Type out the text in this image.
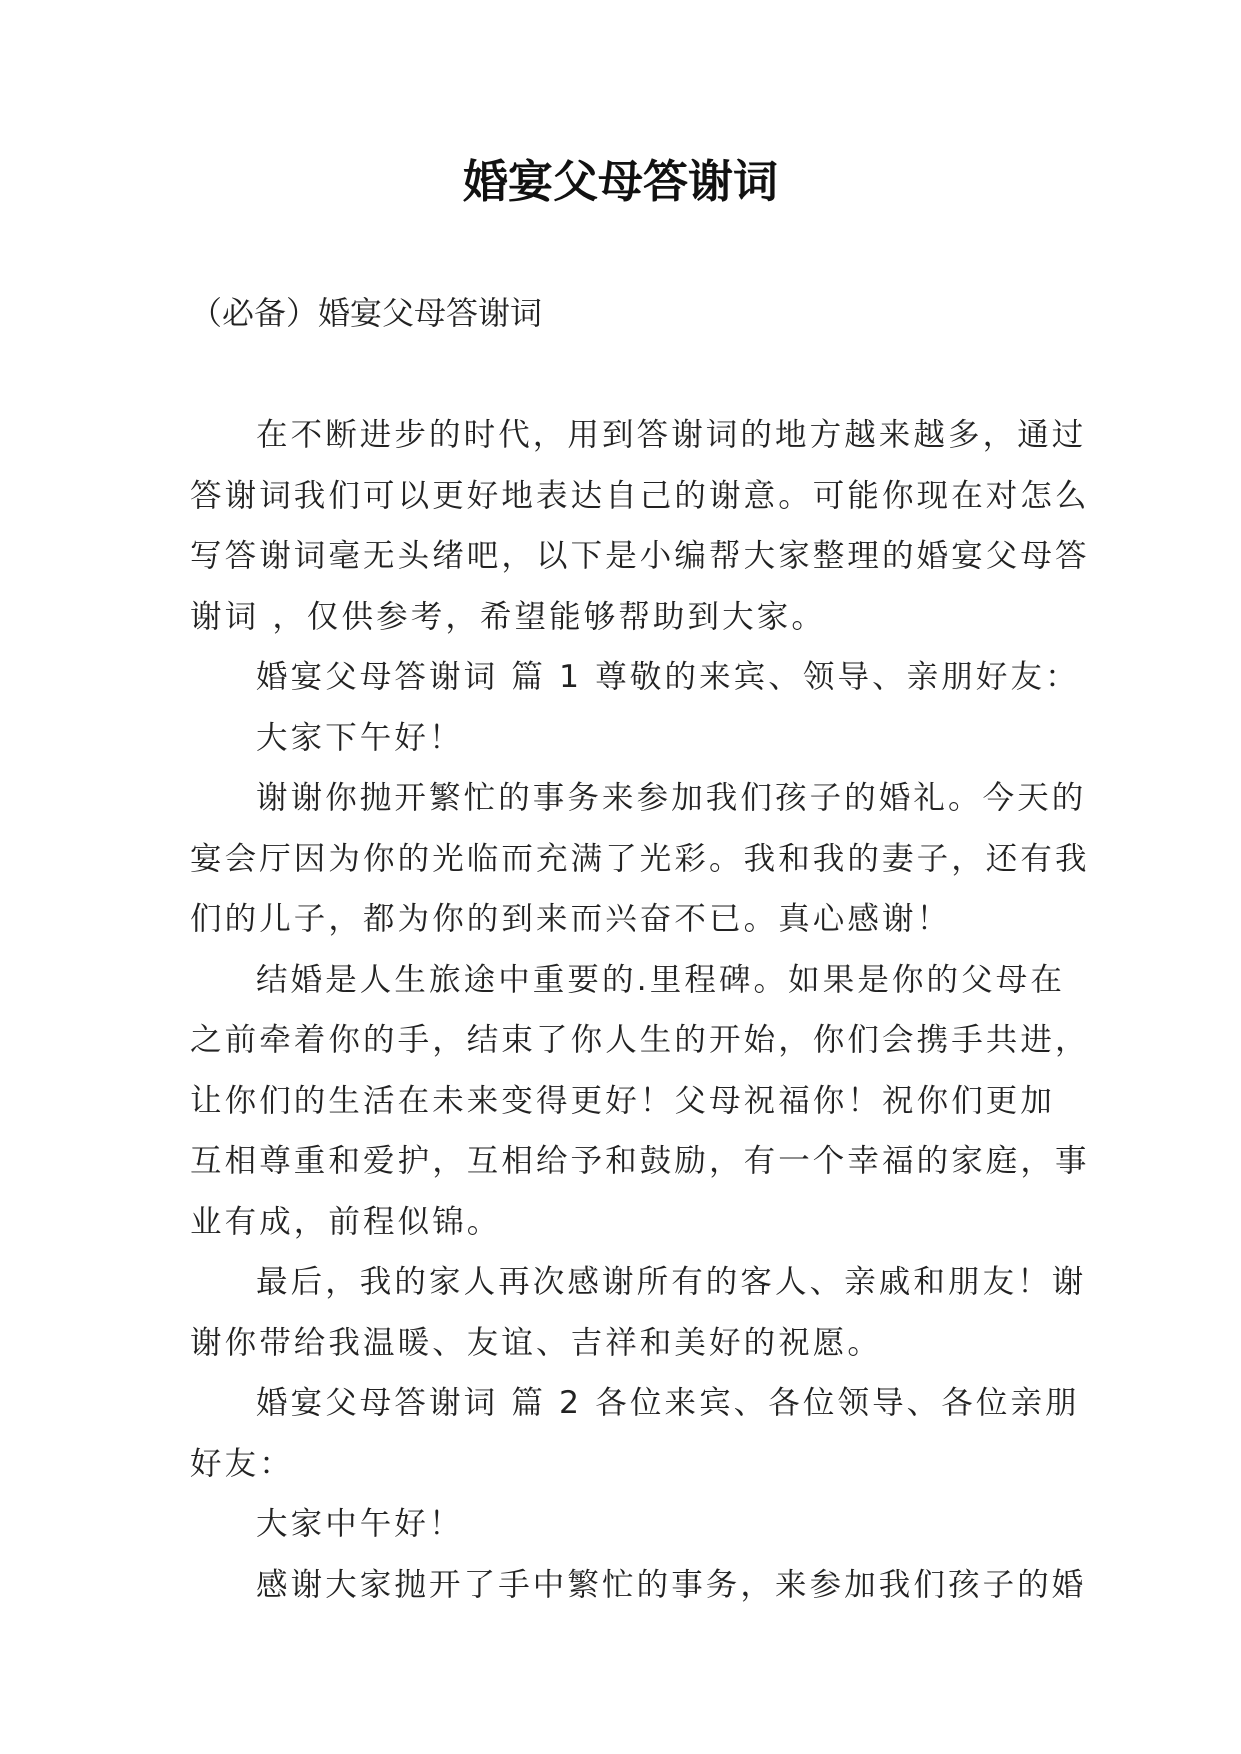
婚宴父母答谢词
（必备）婚宴父母答谢词
在不断进步的时代，用到答谢词的地方越来越多，通过
答谢词我们可以更好地表达自己的谢意。可能你现在对怎么
写答谢词毫无头绪吧，以下是小编帮大家整理的婚宴父母答
谢词 ，仅供参考，希望能够帮助到大家。
婚宴父母答谢词 篇 1 尊敬的来宾、领导、亲朋好友：
大家下午好！
谢谢你抛开繁忙的事务来参加我们孩子的婚礼。今天的
宴会厅因为你的光临而充满了光彩。我和我的妻子，还有我
们的儿子，都为你的到来而兴奋不已。真心感谢！
结婚是人生旅途中重要的.里程碑。如果是你的父母在
之前牵着你的手，结束了你人生的开始，你们会携手共进，
让你们的生活在未来变得更好！父母祝福你！祝你们更加
互相尊重和爱护，互相给予和鼓励，有一个幸福的家庭，事
业有成，前程似锦。
最后，我的家人再次感谢所有的客人、亲戚和朋友！谢
谢你带给我温暖、友谊、吉祥和美好的祝愿。
婚宴父母答谢词 篇 2 各位来宾、各位领导、各位亲朋
好友：
大家中午好！
感谢大家抛开了手中繁忙的事务，来参加我们孩子的婚
